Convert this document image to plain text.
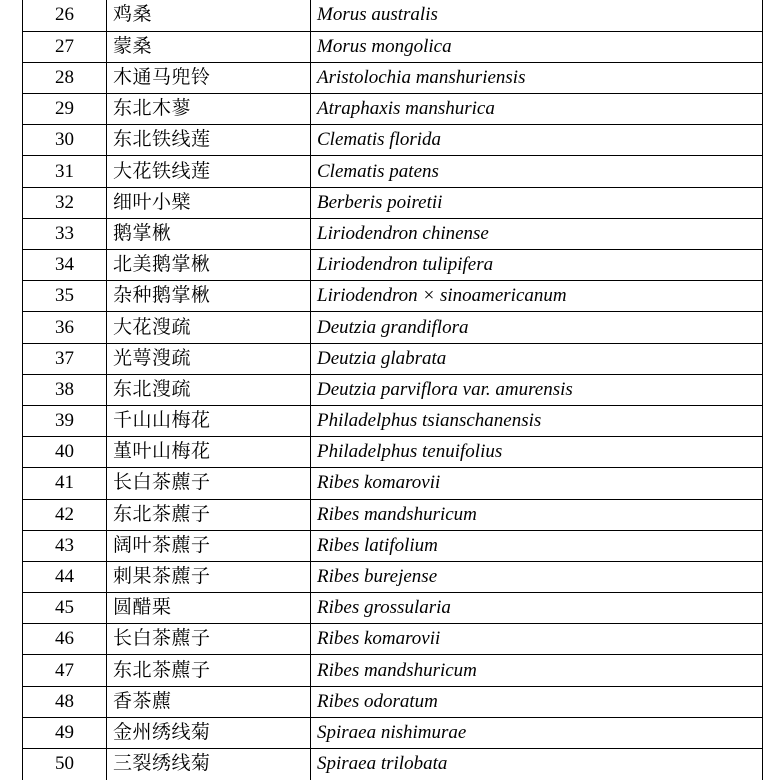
26	鸡桑	Morus australis
27	蒙桑	Morus mongolica
28	木通马兜铃	Aristolochia manshuriensis
29	东北木蓼	Atraphaxis manshurica
30	东北铁线莲	Clematis florida
31	大花铁线莲	Clematis patens
32	细叶小檗	Berberis poiretii
33	鹅掌楸	Liriodendron chinense
34	北美鹅掌楸	Liriodendron tulipifera
35	杂种鹅掌楸	Liriodendron × sinoamericanum
36	大花溲疏	Deutzia grandiflora
37	光萼溲疏	Deutzia glabrata
38	东北溲疏	Deutzia parviflora var. amurensis
39	千山山梅花	Philadelphus tsianschanensis
40	堇叶山梅花	Philadelphus tenuifolius
41	长白茶藨子	Ribes komarovii
42	东北茶藨子	Ribes mandshuricum
43	阔叶茶藨子	Ribes latifolium
44	刺果茶藨子	Ribes burejense
45	圆醋栗	Ribes grossularia
46	长白茶藨子	Ribes komarovii
47	东北茶藨子	Ribes mandshuricum
48	香茶藨	Ribes odoratum
49	金州绣线菊	Spiraea nishimurae
50	三裂绣线菊	Spiraea trilobata
